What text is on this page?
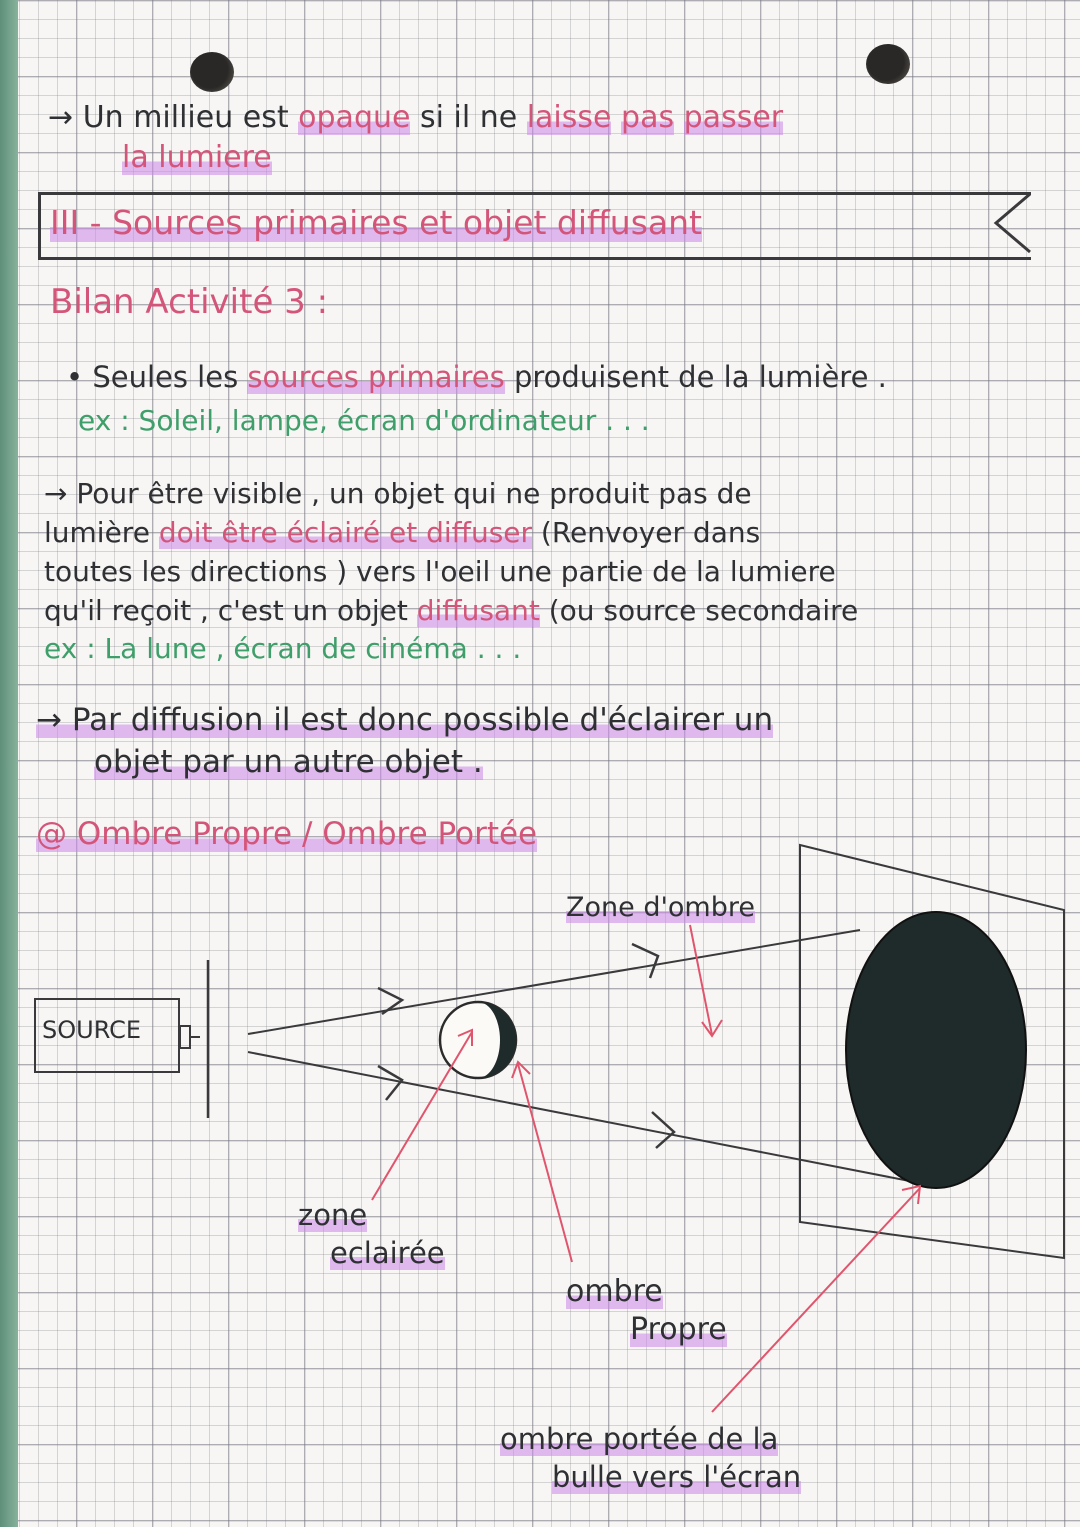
→ Un millieu est opaque si il ne laisse pas passer
la lumiere
III - Sources primaires et objet diffusant
Bilan Activité 3 :
• Seules les sources primaires produisent de la lumière .
ex : Soleil, lampe, écran d'ordinateur . . .
→ Pour être visible , un objet qui ne produit pas de
lumière doit être éclairé et diffuser (Renvoyer dans
toutes les directions ) vers l'oeil une partie de la lumiere
qu'il reçoit , c'est un objet diffusant (ou source secondaire
ex : La lune , écran de cinéma . . .
→ Par diffusion il est donc possible d'éclairer un
objet par un autre objet .
@ Ombre Propre / Ombre Portée
SOURCE
Zone d'ombre
zone
eclairée
ombre
Propre
ombre portée de la
bulle vers l'écran
